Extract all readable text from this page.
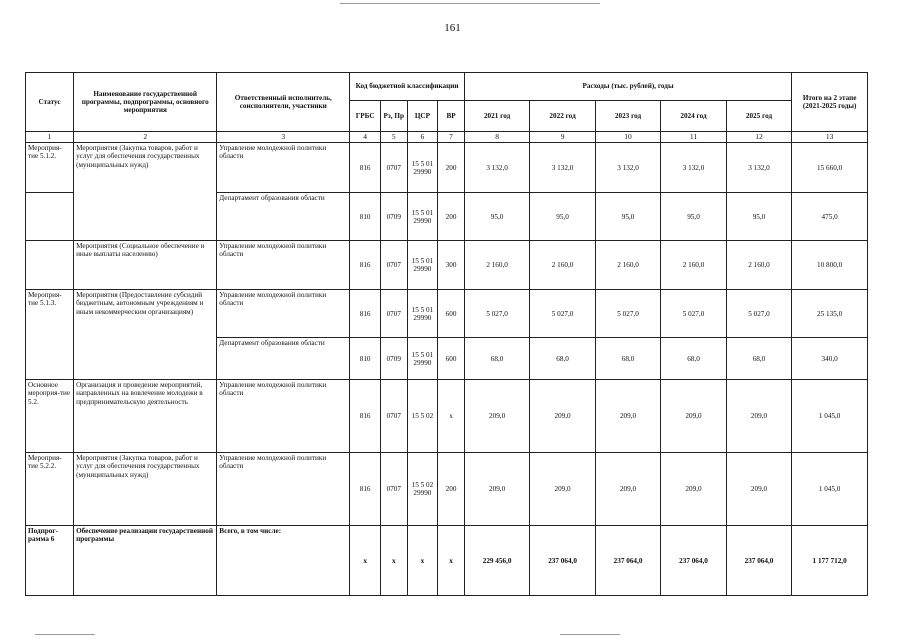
161
Статус	Наименование государственной программы, подпрограммы, основного мероприятия	Ответственный исполнитель, соисполнители, участники	Код бюджетной классификации				Расходы (тыс. рублей), годы					Итого на 2 этапе (2021-2025 годы)
			ГРБС	Рз, Пр	ЦСР	ВР	2021 год	2022 год	2023 год	2024 год	2025 год	
1	2	3	4	5	6	7	8	9	10	11	12	13
Мероприя-тие 5.1.2.	Мероприятия (Закупка товаров, работ и услуг для обеспечения государственных (муниципальных нужд)	Управление молодежной политики области	816	0707	15 5 01 29990	200	3 132,0	3 132,0	3 132,0	3 132,0	3 132,0	15 660,0
		Департамент образования области	810	0709	15 5 01 29990	200	95,0	95,0	95,0	95,0	95,0	475,0
	Мероприятия (Социальное обеспечение и иные выплаты населению)	Управление молодежной политики области	816	0707	15 5 01 29990	300	2 160,0	2 160,0	2 160,0	2 160,0	2 160,0	10 800,0
Мероприя-тие 5.1.3.	Мероприятия (Предоставление субсидий бюджетным, автономным учреждениям и иным некоммерческим организациям)	Управление молодежной политики области	816	0707	15 5 01 29990	600	5 027,0	5 027,0	5 027,0	5 027,0	5 027,0	25 135,0
		Департамент образования области	810	0709	15 5 01 29990	600	68,0	68,0	68,0	68,0	68,0	340,0
Основное мероприя-тие 5.2.	Организация и проведение мероприятий, направленных на вовлечение молодежи в предпринимательскую деятельность	Управление молодежной политики области	816	0707	15 5 02	х	209,0	209,0	209,0	209,0	209,0	1 045,0
Мероприя-тие 5.2.2.	Мероприятия (Закупка товаров, работ и услуг для обеспечения государственных (муниципальных нужд)	Управление молодежной политики области	816	0707	15 5 02 29990	200	209,0	209,0	209,0	209,0	209,0	1 045,0
Подпрог-рамма 6	Обеспечение реализации государственной программы	Всего, в том числе:	х	х	х	х	229 456,0	237 064,0	237 064,0	237 064,0	237 064,0	1 177 712,0
